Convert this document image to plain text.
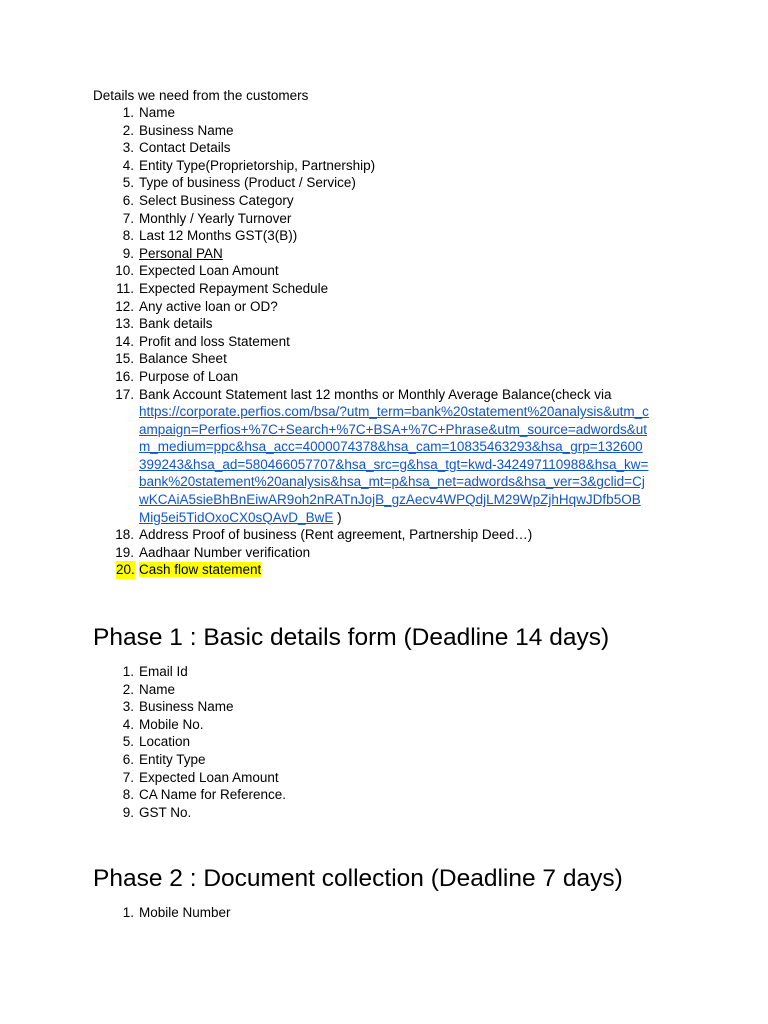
Details we need from the customers
1. Name
2. Business Name
3. Contact Details
4. Entity Type(Proprietorship, Partnership)
5. Type of business (Product / Service)
6. Select Business Category
7. Monthly / Yearly Turnover
8. Last 12 Months GST(3(B))
9. Personal PAN
10. Expected Loan Amount
11. Expected Repayment Schedule
12. Any active loan or OD?
13. Bank details
14. Profit and loss Statement
15. Balance Sheet
16. Purpose of Loan
17. Bank Account Statement last 12 months or Monthly Average Balance(check via
https://corporate.perfios.com/bsa/?utm_term=bank%20statement%20analysis&utm_c
ampaign=Perfios+%7C+Search+%7C+BSA+%7C+Phrase&utm_source=adwords&ut
m_medium=ppc&hsa_acc=4000074378&hsa_cam=10835463293&hsa_grp=132600
399243&hsa_ad=580466057707&hsa_src=g&hsa_tgt=kwd-342497110988&hsa_kw=
bank%20statement%20analysis&hsa_mt=p&hsa_net=adwords&hsa_ver=3&gclid=Cj
wKCAiA5sieBhBnEiwAR9oh2nRATnJojB_gzAecv4WPQdjLM29WpZjhHqwJDfb5OB
Mig5ei5TidOxoCX0sQAvD_BwE )
18. Address Proof of business (Rent agreement, Partnership Deed…)
19. Aadhaar Number verification
20. Cash flow statement
Phase 1 : Basic details form (Deadline 14 days)
1. Email Id
2. Name
3. Business Name
4. Mobile No.
5. Location
6. Entity Type
7. Expected Loan Amount
8. CA Name for Reference.
9. GST No.
Phase 2 : Document collection (Deadline 7 days)
1. Mobile Number
